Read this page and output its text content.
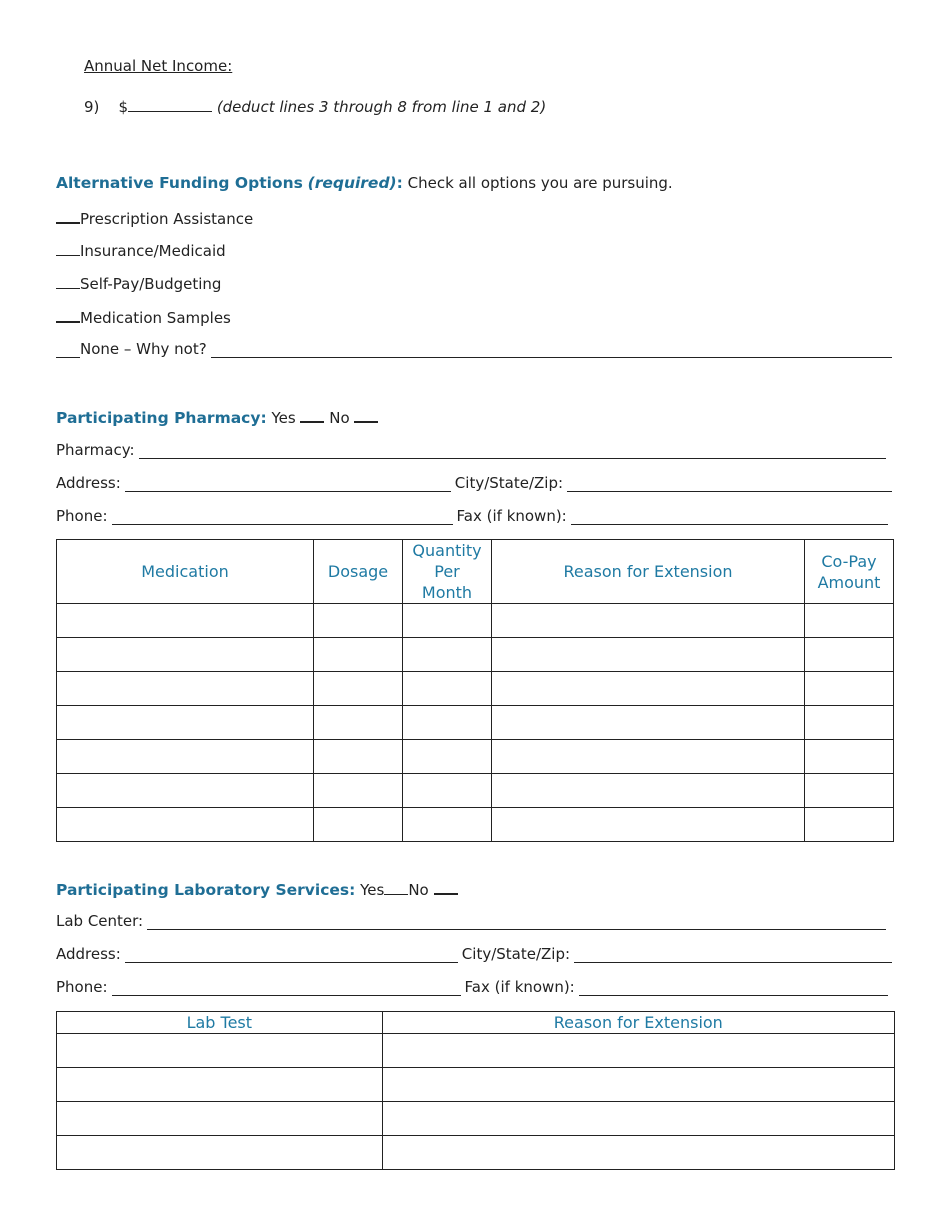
Annual Net Income:
9) $	(deduct lines 3 through 8 from line 1 and 2)
Alternative Funding Options (required): Check all options you are pursuing.
Prescription Assistance
Insurance/Medicaid
Self-Pay/Budgeting
Medication Samples
None – Why not?
Participating Pharmacy: Yes No
Pharmacy:
Address:	City/State/Zip:
Phone:	Fax (if known):
Medication	Dosage	Quantity Per Month	Reason for Extension	Co-Pay Amount

Participating Laboratory Services: Yes No
Lab Center:
Address:	City/State/Zip:
Phone:	Fax (if known):
Lab Test	Reason for Extension
